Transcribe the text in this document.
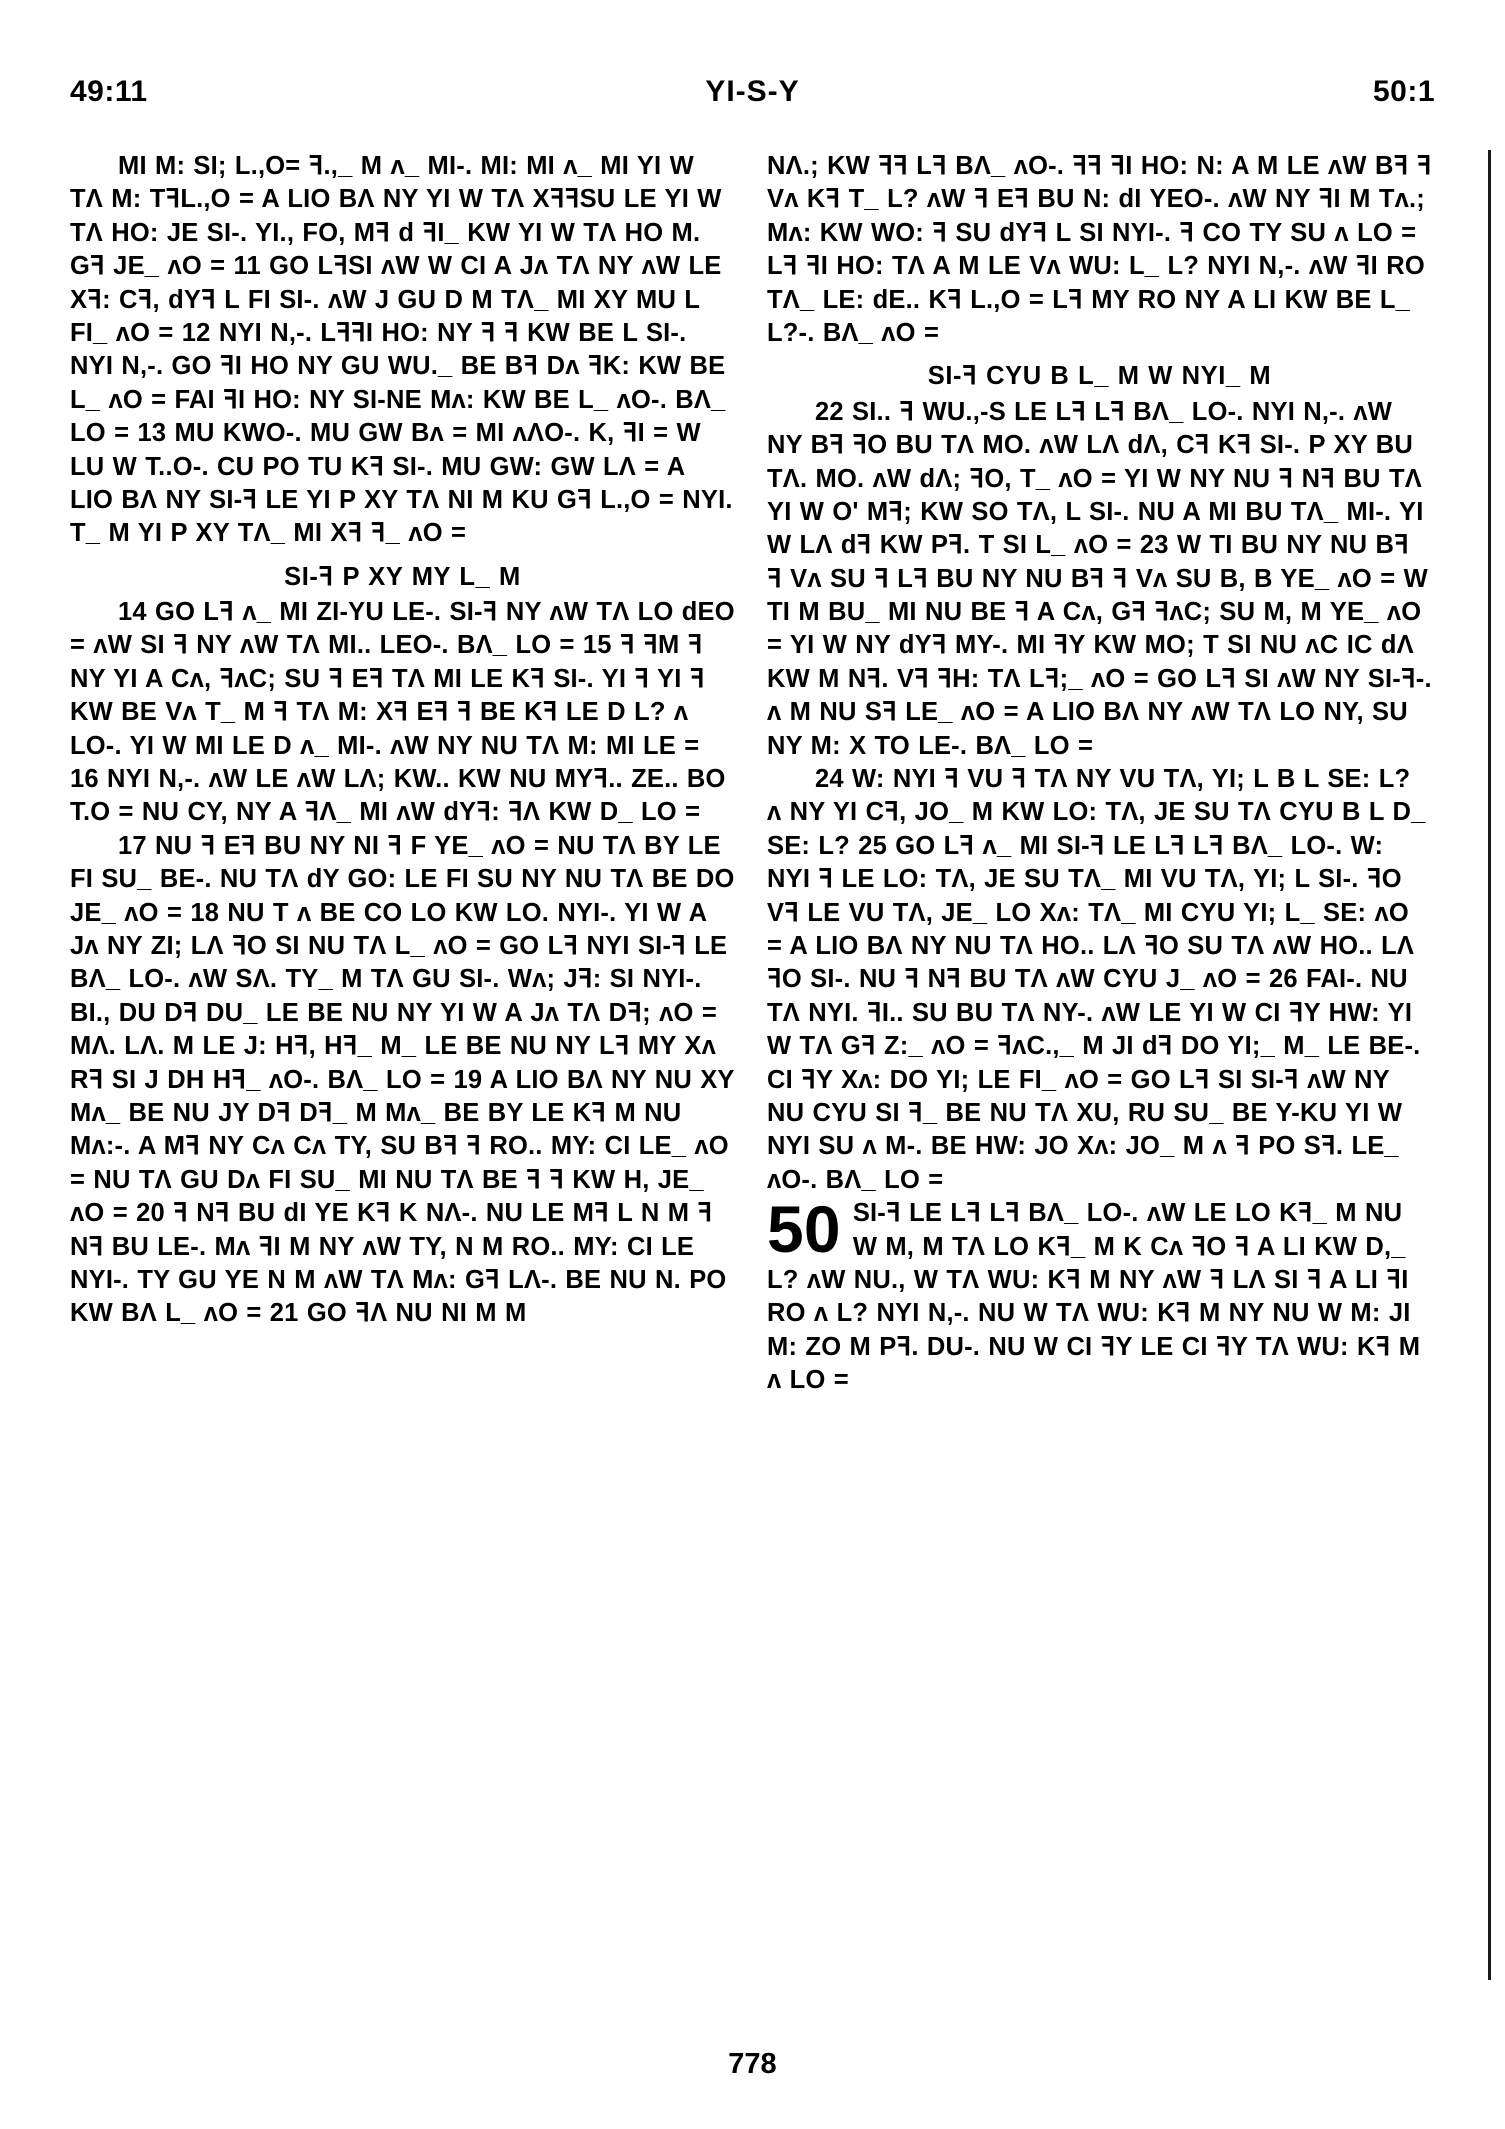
49:11	YI-S-Y	50:1

MI M: SI; L.,O= ꟻ.,_ M ʌ_ MI-. MI: MI ʌ_ MI YI W TɅ M: TꟻL.,O = A LIO BɅ NY YI W TɅ XꟻꟻSU LE YI W TɅ HO: JE SI-. YI., FO, Mꟻ d ꟻI_ KW YI W TɅ HO M. Gꟻ JE_ ʌO = 11 GO LꟻSI ʌW W CI A Jʌ TɅ NY ʌW LE Xꟻ: Cꟻ, dYꟻ L FI SI-. ʌW J GU D M TɅ_ MI XY MU L FI_ ʌO = 12 NYI N,-. LꟻꟻI HO: NY ꟻ ꟻ KW BE L SI-. NYI N,-. GO ꟻI HO NY GU WU._ BE Bꟻ Dʌ ꟻK: KW BE L_ ʌO = FAI ꟻI HO: NY SI-NE Mʌ: KW BE L_ ʌO-. BɅ_ LO = 13 MU KWO-. MU GW Bʌ = MI ʌɅO-. K, ꟻI = W LU W T..O-. CU PO TU Kꟻ SI-. MU GW: GW LɅ = A LIO BɅ NY SI-ꟻ LE YI P XY TɅ NI M KU Gꟻ L.,O = NYI. T_ M YI P XY TɅ_ MI Xꟻ ꟻ_ ʌO =

SI-ꟻ P XY MY L_ M

14 GO Lꟻ ʌ_ MI ZI-YU LE-. SI-ꟻ NY ʌW TɅ LO dEO = ʌW SI ꟻ NY ʌW TɅ MI.. LEO-. BɅ_ LO = 15 ꟻ ꟻM ꟻ NY YI A Cʌ, ꟻʌC; SU ꟻ Eꟻ TɅ MI LE Kꟻ SI-. YI ꟻ YI ꟻ KW BE Vʌ T_ M ꟻ TɅ M: Xꟻ Eꟻ ꟻ BE Kꟻ LE D L? ʌ LO-. YI W MI LE D ʌ_ MI-. ʌW NY NU TɅ M: MI LE = 16 NYI N,-. ʌW LE ʌW LɅ; KW.. KW NU MYꟻ.. ZE.. BO T.O = NU CY, NY A ꟻɅ_ MI ʌW dYꟻ: ꟻɅ KW D_ LO =

17 NU ꟻ Eꟻ BU NY NI ꟻ F YE_ ʌO = NU TɅ BY LE FI SU_ BE-. NU TɅ dY GO: LE FI SU NY NU TɅ BE DO JE_ ʌO = 18 NU T ʌ BE CO LO KW LO. NYI-. YI W A Jʌ NY ZI; LɅ ꟻO SI NU TɅ L_ ʌO = GO Lꟻ NYI SI-ꟻ LE BɅ_ LO-. ʌW SɅ. TY_ M TɅ GU SI-. Wʌ; Jꟻ: SI NYI-. BI., DU Dꟻ DU_ LE BE NU NY YI W A Jʌ TɅ Dꟻ; ʌO = MɅ. LɅ. M LE J: Hꟻ, Hꟻ_ M_ LE BE NU NY Lꟻ MY Xʌ Rꟻ SI J DH Hꟻ_ ʌO-. BɅ_ LO = 19 A LIO BɅ NY NU XY Mʌ_ BE NU JY Dꟻ Dꟻ_ M Mʌ_ BE BY LE Kꟻ M NU Mʌ:-. A Mꟻ NY Cʌ Cʌ TY, SU Bꟻ ꟻ RO.. MY: CI LE_ ʌO = NU TɅ GU Dʌ FI SU_ MI NU TɅ BE ꟻ ꟻ KW H, JE_ ʌO = 20 ꟻ Nꟻ BU dI YE Kꟻ K NɅ-. NU LE Mꟻ L N M ꟻ Nꟻ BU LE-. Mʌ ꟻI M NY ʌW TY, N M RO.. MY: CI LE NYI-. TY GU YE N M ʌW TɅ Mʌ: Gꟻ LɅ-. BE NU N. PO KW BɅ L_ ʌO = 21 GO ꟻɅ NU NI M M

NɅ.; KW ꟻꟻ Lꟻ BɅ_ ʌO-. ꟻꟻ ꟻI HO: N: A M LE ʌW Bꟻ ꟻ Vʌ Kꟻ T_ L? ʌW ꟻ Eꟻ BU N: dI YEO-. ʌW NY ꟻI M Tʌ.; Mʌ: KW WO: ꟻ SU dYꟻ L SI NYI-. ꟻ CO TY SU ʌ LO = Lꟻ ꟻI HO: TɅ A M LE Vʌ WU: L_ L? NYI N,-. ʌW ꟻI RO TɅ_ LE: dE.. Kꟻ L.,O = Lꟻ MY RO NY A LI KW BE L_ L?-. BɅ_ ʌO =

SI-ꟻ CYU B L_ M W NYI_ M

22 SI.. ꟻ WU.,-S LE Lꟻ Lꟻ BɅ_ LO-. NYI N,-. ʌW NY Bꟻ ꟻO BU TɅ MO. ʌW LɅ dɅ, Cꟻ Kꟻ SI-. P XY BU TɅ. MO. ʌW dɅ; ꟻO, T_ ʌO = YI W NY NU ꟻ Nꟻ BU TɅ YI W O' Mꟻ; KW SO TɅ, L SI-. NU A MI BU TɅ_ MI-. YI W LɅ dꟻ KW Pꟻ. T SI L_ ʌO = 23 W TI BU NY NU Bꟻ ꟻ Vʌ SU ꟻ Lꟻ BU NY NU Bꟻ ꟻ Vʌ SU B, B YE_ ʌO = W TI M BU_ MI NU BE ꟻ A Cʌ, Gꟻ ꟻʌC; SU M, M YE_ ʌO = YI W NY dYꟻ MY-. MI ꟻY KW MO; T SI NU ʌC IC dɅ KW M Nꟻ. Vꟻ ꟻH: TɅ Lꟻ;_ ʌO = GO Lꟻ SI ʌW NY SI-ꟻ-. ʌ M NU Sꟻ LE_ ʌO = A LIO BɅ NY ʌW TɅ LO NY, SU NY M: X TO LE-. BɅ_ LO =

24 W: NYI ꟻ VU ꟻ TɅ NY VU TɅ, YI; L B L SE: L? ʌ NY YI Cꟻ, JO_ M KW LO: TɅ, JE SU TɅ CYU B L D_ SE: L? 25 GO Lꟻ ʌ_ MI SI-ꟻ LE Lꟻ Lꟻ BɅ_ LO-. W: NYI ꟻ LE LO: TɅ, JE SU TɅ_ MI VU TɅ, YI; L SI-. ꟻO Vꟻ LE VU TɅ, JE_ LO Xʌ: TɅ_ MI CYU YI; L_ SE: ʌO = A LIO BɅ NY NU TɅ HO.. LɅ ꟻO SU TɅ ʌW HO.. LɅ ꟻO SI-. NU ꟻ Nꟻ BU TɅ ʌW CYU J_ ʌO = 26 FAI-. NU TɅ NYI. ꟻI.. SU BU TɅ NY-. ʌW LE YI W CI ꟻY HW: YI W TɅ Gꟻ Z:_ ʌO = ꟻʌC.,_ M JI dꟻ DO YI;_ M_ LE BE-. CI ꟻY Xʌ: DO YI; LE FI_ ʌO = GO Lꟻ SI SI-ꟻ ʌW NY NU CYU SI ꟻ_ BE NU TɅ XU, RU SU_ BE Y-KU YI W NYI SU ʌ M-. BE HW: JO Xʌ: JO_ M ʌ ꟻ PO Sꟻ. LE_ ʌO-. BɅ_ LO =

50 SI-ꟻ LE Lꟻ Lꟻ BɅ_ LO-. ʌW LE LO Kꟻ_ M NU W M, M TɅ LO Kꟻ_ M K Cʌ ꟻO ꟻ A LI KW D,_ L? ʌW NU., W TɅ WU: Kꟻ M NY ʌW ꟻ LɅ SI ꟻ A LI ꟻI RO ʌ L? NYI N,-. NU W TɅ WU: Kꟻ M NY NU W M: JI M: ZO M Pꟻ. DU-. NU W CI ꟻY LE CI ꟻY TɅ WU: Kꟻ M ʌ LO =

778
